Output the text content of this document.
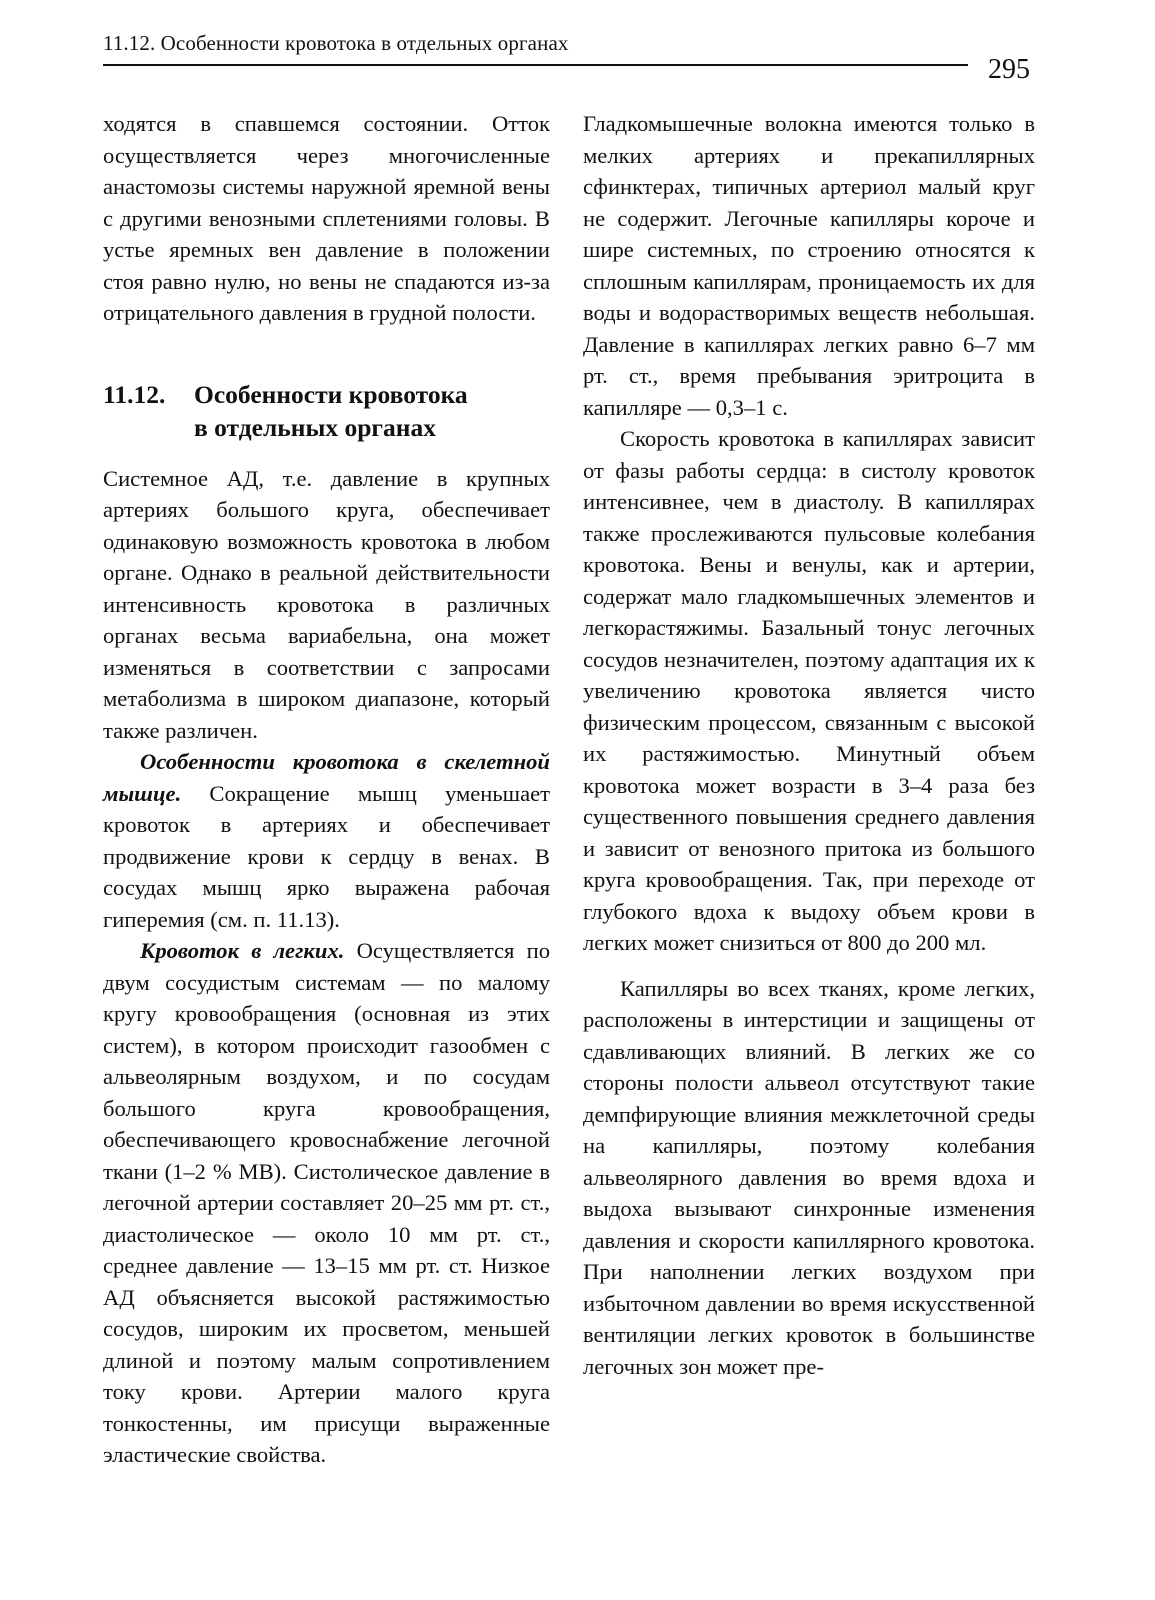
11.12. Особенности кровотока в отдельных органах
295

ходятся в спавшемся состоянии. Отток осуществляется через многочисленные анастомозы системы наружной яремной вены с другими венозными сплетениями головы. В устье яремных вен давление в положении стоя равно нулю, но вены не спадаются из-за отрицательного давления в грудной полости.

11.12. Особенности кровотока
в отдельных органах

Системное АД, т.е. давление в крупных артериях большого круга, обеспечивает одинаковую возможность кровотока в любом органе. Однако в реальной действительности интенсивность кровотока в различных органах весьма вариабельна, она может изменяться в соответствии с запросами метаболизма в широком диапазоне, который также различен.

Особенности кровотока в скелетной мышце. Сокращение мышц уменьшает кровоток в артериях и обеспечивает продвижение крови к сердцу в венах. В сосудах мышц ярко выражена рабочая гиперемия (см. п. 11.13).

Кровоток в легких. Осуществляется по двум сосудистым системам — по малому кругу кровообращения (основная из этих систем), в котором происходит газообмен с альвеолярным воздухом, и по сосудам большого круга кровообращения, обеспечивающего кровоснабжение легочной ткани (1–2 % МВ). Систолическое давление в легочной артерии составляет 20–25 мм рт. ст., диастолическое — около 10 мм рт. ст., среднее давление — 13–15 мм рт. ст. Низкое АД объясняется высокой растяжимостью сосудов, широким их просветом, меньшей длиной и поэтому малым сопротивлением току крови. Артерии малого круга тонкостенны, им присущи выраженные эластические свойства.

Гладкомышечные волокна имеются только в мелких артериях и прекапиллярных сфинктерах, типичных артериол малый круг не содержит. Легочные капилляры короче и шире системных, по строению относятся к сплошным капиллярам, проницаемость их для воды и водорастворимых веществ небольшая. Давление в капиллярах легких равно 6–7 мм рт. ст., время пребывания эритроцита в капилляре — 0,3–1 с.

Скорость кровотока в капиллярах зависит от фазы работы сердца: в систолу кровоток интенсивнее, чем в диастолу. В капиллярах также прослеживаются пульсовые колебания кровотока. Вены и венулы, как и артерии, содержат мало гладкомышечных элементов и легкорастяжимы. Базальный тонус легочных сосудов незначителен, поэтому адаптация их к увеличению кровотока является чисто физическим процессом, связанным с высокой их растяжимостью. Минутный объем кровотока может возрасти в 3–4 раза без существенного повышения среднего давления и зависит от венозного притока из большого круга кровообращения. Так, при переходе от глубокого вдоха к выдоху объем крови в легких может снизиться от 800 до 200 мл.

Капилляры во всех тканях, кроме легких, расположены в интерстиции и защищены от сдавливающих влияний. В легких же со стороны полости альвеол отсутствуют такие демпфирующие влияния межклеточной среды на капилляры, поэтому колебания альвеолярного давления во время вдоха и выдоха вызывают синхронные изменения давления и скорости капиллярного кровотока. При наполнении легких воздухом при избыточном давлении во время искусственной вентиляции легких кровоток в большинстве легочных зон может пре-
